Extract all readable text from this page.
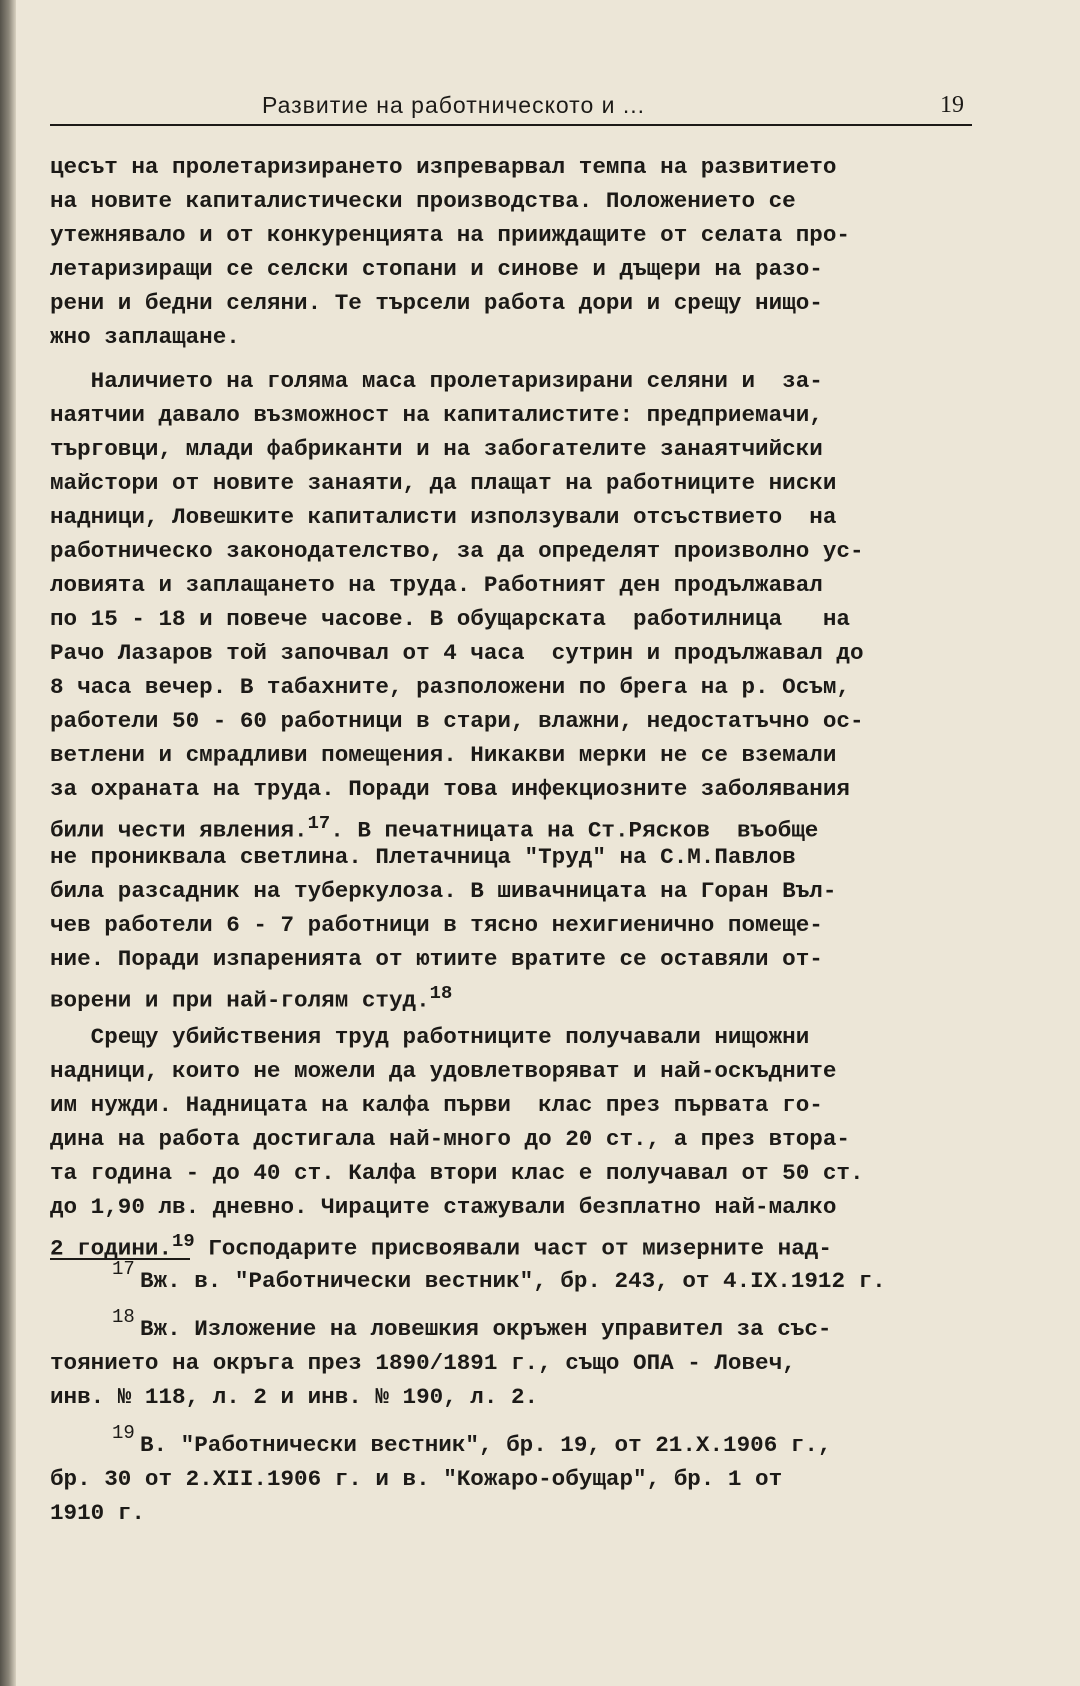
Развитие на работническото и ...	19
цесът на пролетаризирането изпреварвал темпа на развитието
на новите капиталистически производства. Положението се
утежнявало и от конкуренцията на прииждащите от селата про-
летаризиращи се селски стопани и синове и дъщери на разо-
рени и бедни селяни. Те търсели работа дори и срещу нищо-
жно заплащане.
Наличието на голяма маса пролетаризирани селяни и  за-
наятчии давало възможност на капиталистите: предприемачи,
търговци, млади фабриканти и на забогателите занаятчийски
майстори от новите занаяти, да плащат на работниците ниски
надници, Ловешките капиталисти използували отсъствието  на
работническо законодателство, за да определят произволно ус-
ловията и заплащането на труда. Работният ден продължавал
по 15 - 18 и повече часове. В обущарската  работилница   на
Рачо Лазаров той започвал от 4 часа  сутрин и продължавал до
8 часа вечер. В табахните, разположени по брега на р. Осъм,
работели 50 - 60 работници в стари, влажни, недостатъчно ос-
ветлени и смрадливи помещения. Никакви мерки не се вземали
за охраната на труда. Поради това инфекциозните заболявания
били чести явления.$^{17}$. В печатницата на Ст.Рясков  въобще
не прониквала светлина. Плетачница "Труд" на С.М.Павлов
била разсадник на туберкулоза. В шивачницата на Горан Въл-
чев работели 6 - 7 работници в тясно нехигиенично помеще-
ние. Поради изпаренията от ютиите вратите се оставяли от-
ворени и при най-голям студ.$^{18}$
Срещу убийствения труд работниците получавали нищожни
надници, които не можели да удовлетворяват и най-оскъдните
им нужди. Надницата на калфа първи  клас през първата го-
дина на работа достигала най-много до 20 ст., а през втора-
та година - до 40 ст. Калфа втори клас е получавал от 50 ст.
до 1,90 лв. дневно. Чираците стажували безплатно най-малко
2 години.$^{19}$ Господарите присвоявали част от мизерните над-
17 Вж. в. "Работнически вестник", бр. 243, от 4.IX.1912 г.
18 Вж. Изложение на ловешкия окръжен управител за със-
тоянието на окръга през 1890/1891 г., също ОПА - Ловеч,
инв. № 118, л. 2 и инв. № 190, л. 2.
19 В. "Работнически вестник", бр. 19, от 21.X.1906 г.,
бр. 30 от 2.XII.1906 г. и в. "Кожаро-обущар", бр. 1 от
1910 г.
